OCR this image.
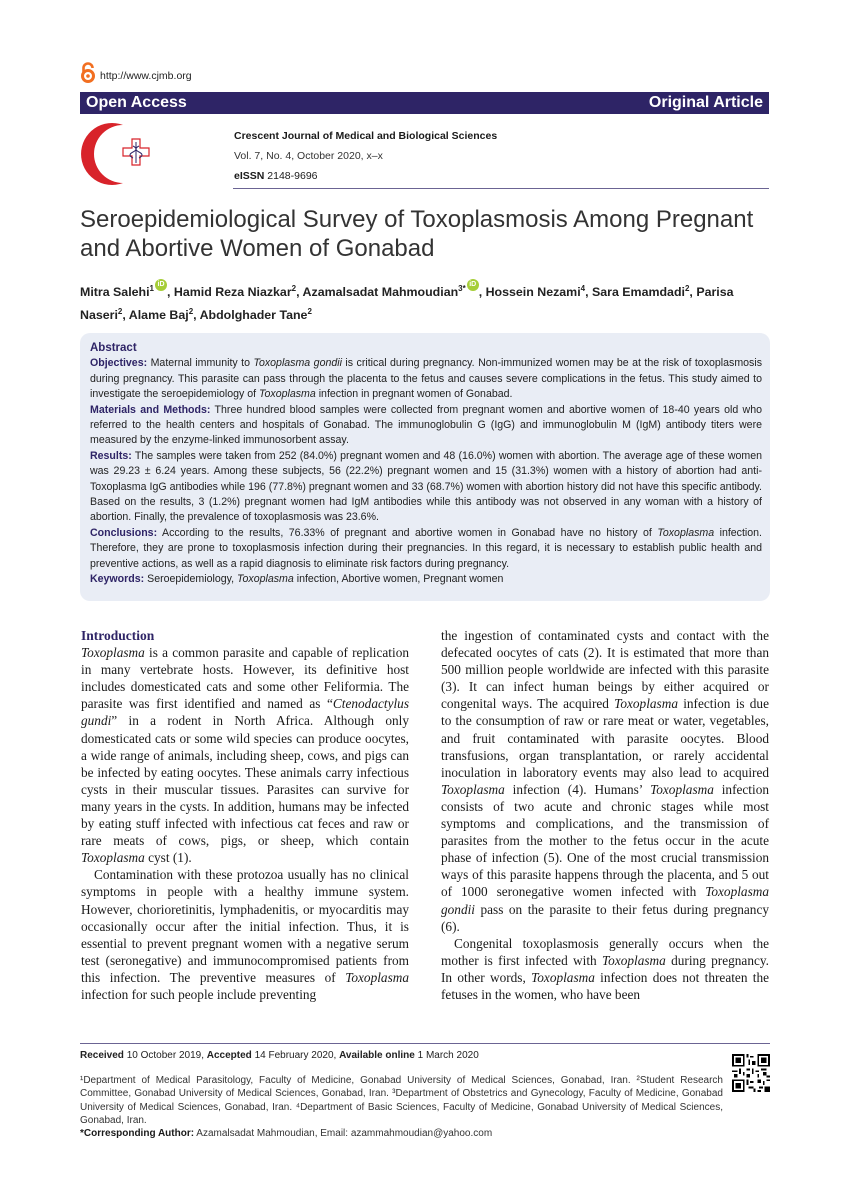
http://www.cjmb.org
Open Access	Original Article
Crescent Journal of Medical and Biological Sciences
Vol. 7, No. 4, October 2020, x–x
eISSN 2148-9696
Seroepidemiological Survey of Toxoplasmosis Among Pregnant and Abortive Women of Gonabad
Mitra Salehi$^1$ iD, Hamid Reza Niazkar$^2$, Azamalsadat Mahmoudian$^{3*}$ iD, Hossein Nezami$^4$, Sara Emamdadi$^2$, Parisa Naseri$^2$, Alame Baj$^2$, Abdolghader Tane$^2$
Abstract

Objectives: Maternal immunity to Toxoplasma gondii is critical during pregnancy. Non-immunized women may be at the risk of toxoplasmosis during pregnancy. This parasite can pass through the placenta to the fetus and causes severe complications in the fetus. This study aimed to investigate the seroepidemiology of Toxoplasma infection in pregnant women of Gonabad.

Materials and Methods: Three hundred blood samples were collected from pregnant women and abortive women of 18-40 years old who referred to the health centers and hospitals of Gonabad. The immunoglobulin G (IgG) and immunoglobulin M (IgM) antibody titers were measured by the enzyme-linked immunosorbent assay.

Results: The samples were taken from 252 (84.0%) pregnant women and 48 (16.0%) women with abortion. The average age of these women was 29.23 ± 6.24 years. Among these subjects, 56 (22.2%) pregnant women and 15 (31.3%) women with a history of abortion had anti-Toxoplasma IgG antibodies while 196 (77.8%) pregnant women and 33 (68.7%) women with abortion history did not have this specific antibody. Based on the results, 3 (1.2%) pregnant women had IgM antibodies while this antibody was not observed in any woman with a history of abortion. Finally, the prevalence of toxoplasmosis was 23.6%.

Conclusions: According to the results, 76.33% of pregnant and abortive women in Gonabad have no history of Toxoplasma infection. Therefore, they are prone to toxoplasmosis infection during their pregnancies. In this regard, it is necessary to establish public health and preventive actions, as well as a rapid diagnosis to eliminate risk factors during pregnancy.

Keywords: Seroepidemiology, Toxoplasma infection, Abortive women, Pregnant women

Introduction

Toxoplasma is a common parasite and capable of replication in many vertebrate hosts. However, its definitive host includes domesticated cats and some other Feliformia. The parasite was first identified and named as “Ctenodactylus gundi” in a rodent in North Africa. Although only domesticated cats or some wild species can produce oocytes, a wide range of animals, including sheep, cows, and pigs can be infected by eating oocytes. These animals carry infectious cysts in their muscular tissues. Parasites can survive for many years in the cysts. In addition, humans may be infected by eating stuff infected with infectious cat feces and raw or rare meats of cows, pigs, or sheep, which contain Toxoplasma cyst (1).

Contamination with these protozoa usually has no clinical symptoms in people with a healthy immune system. However, chorioretinitis, lymphadenitis, or myocarditis may occasionally occur after the initial infection. Thus, it is essential to prevent pregnant women with a negative serum test (seronegative) and immunocompromised patients from this infection. The preventive measures of Toxoplasma infection for such people include preventing

the ingestion of contaminated cysts and contact with the defecated oocytes of cats (2). It is estimated that more than 500 million people worldwide are infected with this parasite (3). It can infect human beings by either acquired or congenital ways. The acquired Toxoplasma infection is due to the consumption of raw or rare meat or water, vegetables, and fruit contaminated with parasite oocytes. Blood transfusions, organ transplantation, or rarely accidental inoculation in laboratory events may also lead to acquired Toxoplasma infection (4). Humans’ Toxoplasma infection consists of two acute and chronic stages while most symptoms and complications, and the transmission of parasites from the mother to the fetus occur in the acute phase of infection (5). One of the most crucial transmission ways of this parasite happens through the placenta, and 5 out of 1000 seronegative women infected with Toxoplasma gondii pass on the parasite to their fetus during pregnancy (6).

Congenital toxoplasmosis generally occurs when the mother is first infected with Toxoplasma during pregnancy. In other words, Toxoplasma infection does not threaten the fetuses in the women, who have been

Received 10 October 2019, Accepted 14 February 2020, Available online 1 March 2020
¹Department of Medical Parasitology, Faculty of Medicine, Gonabad University of Medical Sciences, Gonabad, Iran. ²Student Research Committee, Gonabad University of Medical Sciences, Gonabad, Iran. ³Department of Obstetrics and Gynecology, Faculty of Medicine, Gonabad University of Medical Sciences, Gonabad, Iran. ⁴Department of Basic Sciences, Faculty of Medicine, Gonabad University of Medical Sciences, Gonabad, Iran.
*Corresponding Author: Azamalsadat Mahmoudian, Email: azammahmoudian@yahoo.com
